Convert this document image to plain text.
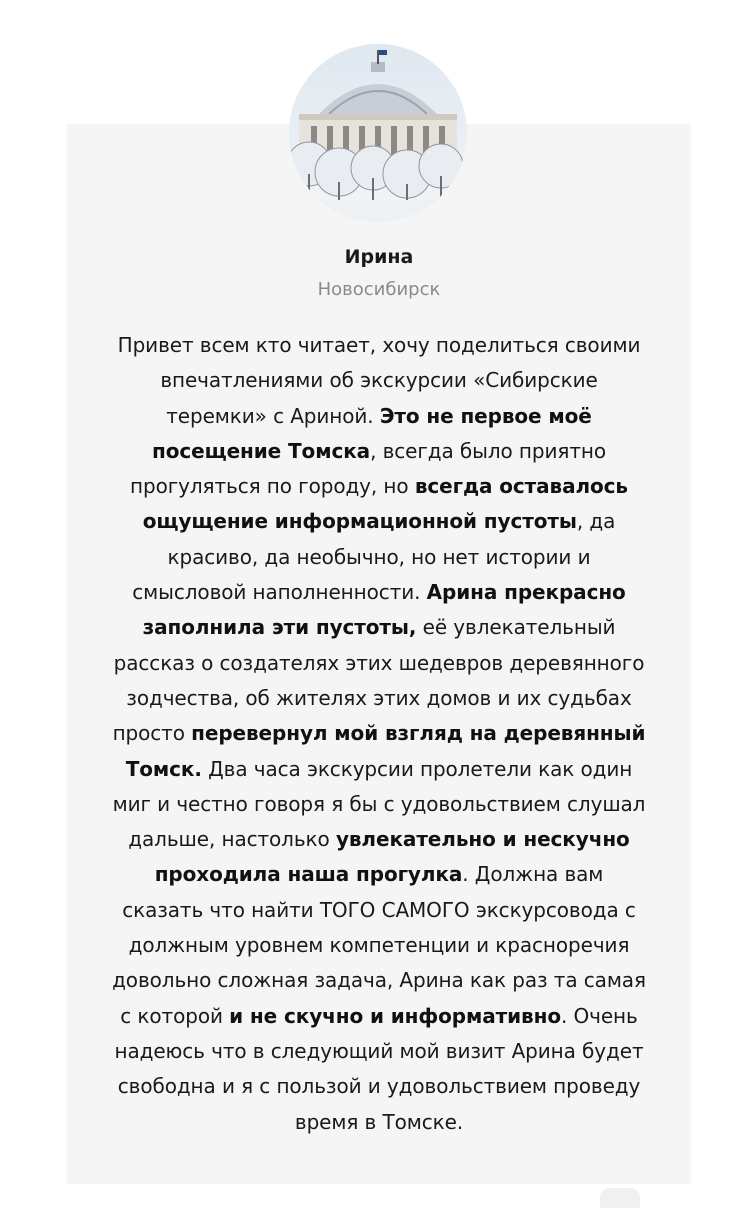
Ирина
Новосибирск

Привет всем кто читает, хочу поделиться своими впечатлениями об экскурсии «Сибирские теремки» с Ариной. Это не первое моё посещение Томска, всегда было приятно прогуляться по городу, но всегда оставалось ощущение информационной пустоты, да красиво, да необычно, но нет истории и смысловой наполненности. Арина прекрасно заполнила эти пустоты, её увлекательный рассказ о создателях этих шедевров деревянного зодчества, об жителях этих домов и их судьбах просто перевернул мой взгляд на деревянный Томск. Два часа экскурсии пролетели как один миг и честно говоря я бы с удовольствием слушал дальше, настолько увлекательно и нескучно проходила наша прогулка. Должна вам сказать что найти ТОГО САМОГО экскурсовода с должным уровнем компетенции и красноречия довольно сложная задача, Арина как раз та самая с которой и не скучно и информативно. Очень надеюсь что в следующий мой визит Арина будет свободна и я с пользой и удовольствием проведу время в Томске.
